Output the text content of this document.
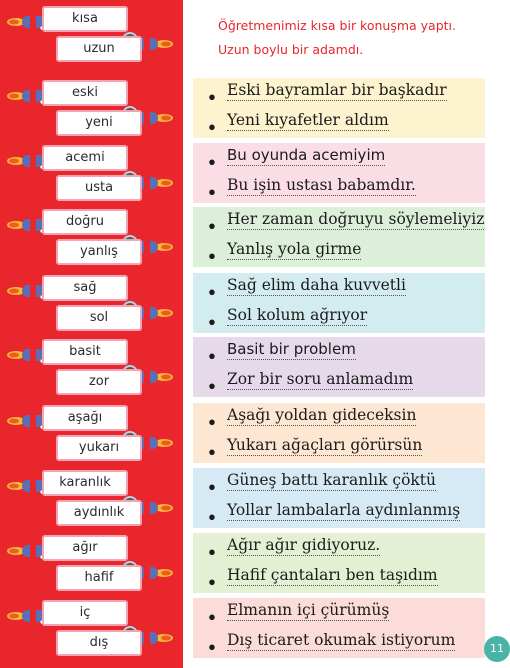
Öğretmenimiz kısa bir konuşma yaptı.
Uzun boylu bir adamdı.
kısa
uzun
eski
yeni
• Eski bayramlar bir başkadır
• Yeni kıyafetler aldım
acemi
usta
• Bu oyunda acemiyim
• Bu işin ustası babamdır.
doğru
yanlış
• Her zaman doğruyu söylemeliyiz
• Yanlış yola girme
sağ
sol
• Sağ elim daha kuvvetli
• Sol kolum ağrıyor
basit
zor
• Basit bir problem
• Zor bir soru anlamadım
aşağı
yukarı
• Aşağı yoldan gideceksin
• Yukarı ağaçları görürsün
karanlık
aydınlık
• Güneş battı karanlık çöktü
• Yollar lambalarla aydınlanmış
ağır
hafif
• Ağır ağır gidiyoruz.
• Hafif çantaları ben taşıdım
iç
dış
• Elmanın içi çürümüş
• Dış ticaret okumak istiyorum	11
